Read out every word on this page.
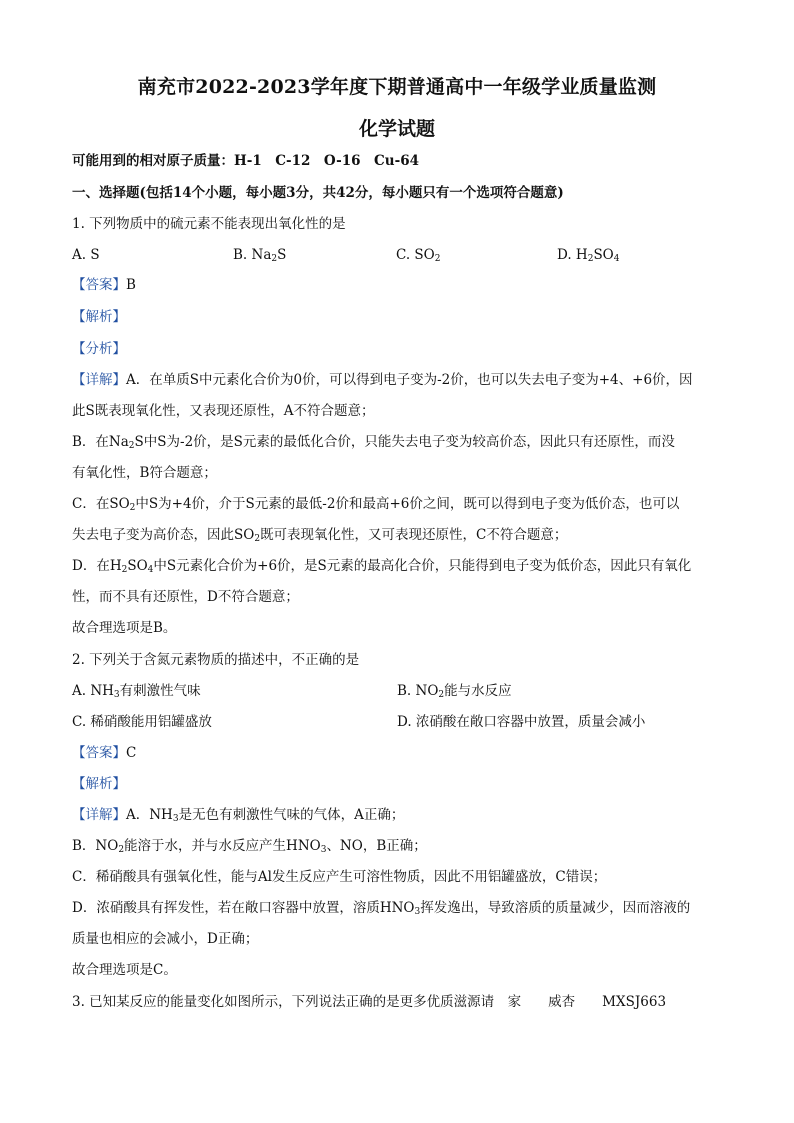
南充市2022-2023学年度下期普通高中一年级学业质量监测
化学试题
可能用到的相对原子质量：H-1　C-12　O-16　Cu-64
一、选择题(包括14个小题，每小题3分，共42分，每小题只有一个选项符合题意)
1. 下列物质中的硫元素不能表现出氧化性的是
A. S	B. $Na_2S$	C. $SO_2$	D. $H_2SO_4$
【答案】B
【解析】
【分析】
【详解】A．在单质S中元素化合价为0价，可以得到电子变为-2价，也可以失去电子变为+4、+6价，因
此S既表现氧化性，又表现还原性，A不符合题意；
B．在$Na_2S$中S为-2价，是S元素的最低化合价，只能失去电子变为较高价态，因此只有还原性，而没
有氧化性，B符合题意；
C．在$SO_2$中S为+4价，介于S元素的最低-2价和最高+6价之间，既可以得到电子变为低价态，也可以
失去电子变为高价态，因此$SO_2$既可表现氧化性，又可表现还原性，C不符合题意；
D．在$H_2SO_4$中S元素化合价为+6价，是S元素的最高化合价，只能得到电子变为低价态，因此只有氧化
性，而不具有还原性，D不符合题意；
故合理选项是B。
2. 下列关于含氮元素物质的描述中，不正确的是
A. $NH_3$有刺激性气味	B. $NO_2$能与水反应
C. 稀硝酸能用铝罐盛放	D. 浓硝酸在敞口容器中放置，质量会减小
【答案】C
【解析】
【详解】A．$NH_3$是无色有刺激性气味的气体，A正确；
B．$NO_2$能溶于水，并与水反应产生$HNO_3$、NO，B正确；
C．稀硝酸具有强氧化性，能与Al发生反应产生可溶性物质，因此不用铝罐盛放，C错误；
D．浓硝酸具有挥发性，若在敞口容器中放置，溶质$HNO_3$挥发逸出，导致溶质的质量减少，因而溶液的
质量也相应的会减小，D正确；
故合理选项是C。
3. 已知某反应的能量变化如图所示，下列说法正确的是更多优质滋源请　家　　威杏　　MXSJ663
